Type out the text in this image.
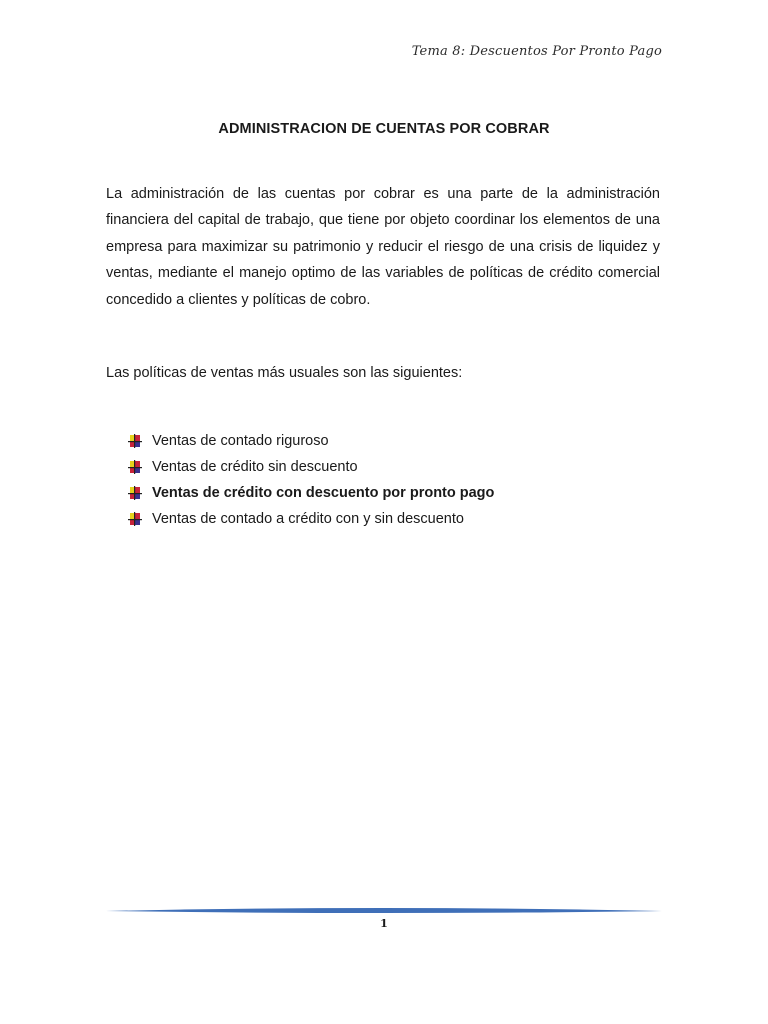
Tema 8: Descuentos Por Pronto Pago
ADMINISTRACION DE CUENTAS POR COBRAR
La administración de las cuentas por cobrar es una parte de la administración financiera del capital de trabajo, que tiene por objeto coordinar los elementos de una empresa para maximizar su patrimonio y reducir el riesgo de una crisis de liquidez y ventas, mediante el manejo optimo de las variables de políticas de crédito comercial concedido a clientes y políticas de cobro.
Las políticas de ventas más usuales son las siguientes:
Ventas de contado riguroso
Ventas de crédito sin descuento
Ventas de crédito con descuento por pronto pago
Ventas de contado a crédito con y sin descuento
1
